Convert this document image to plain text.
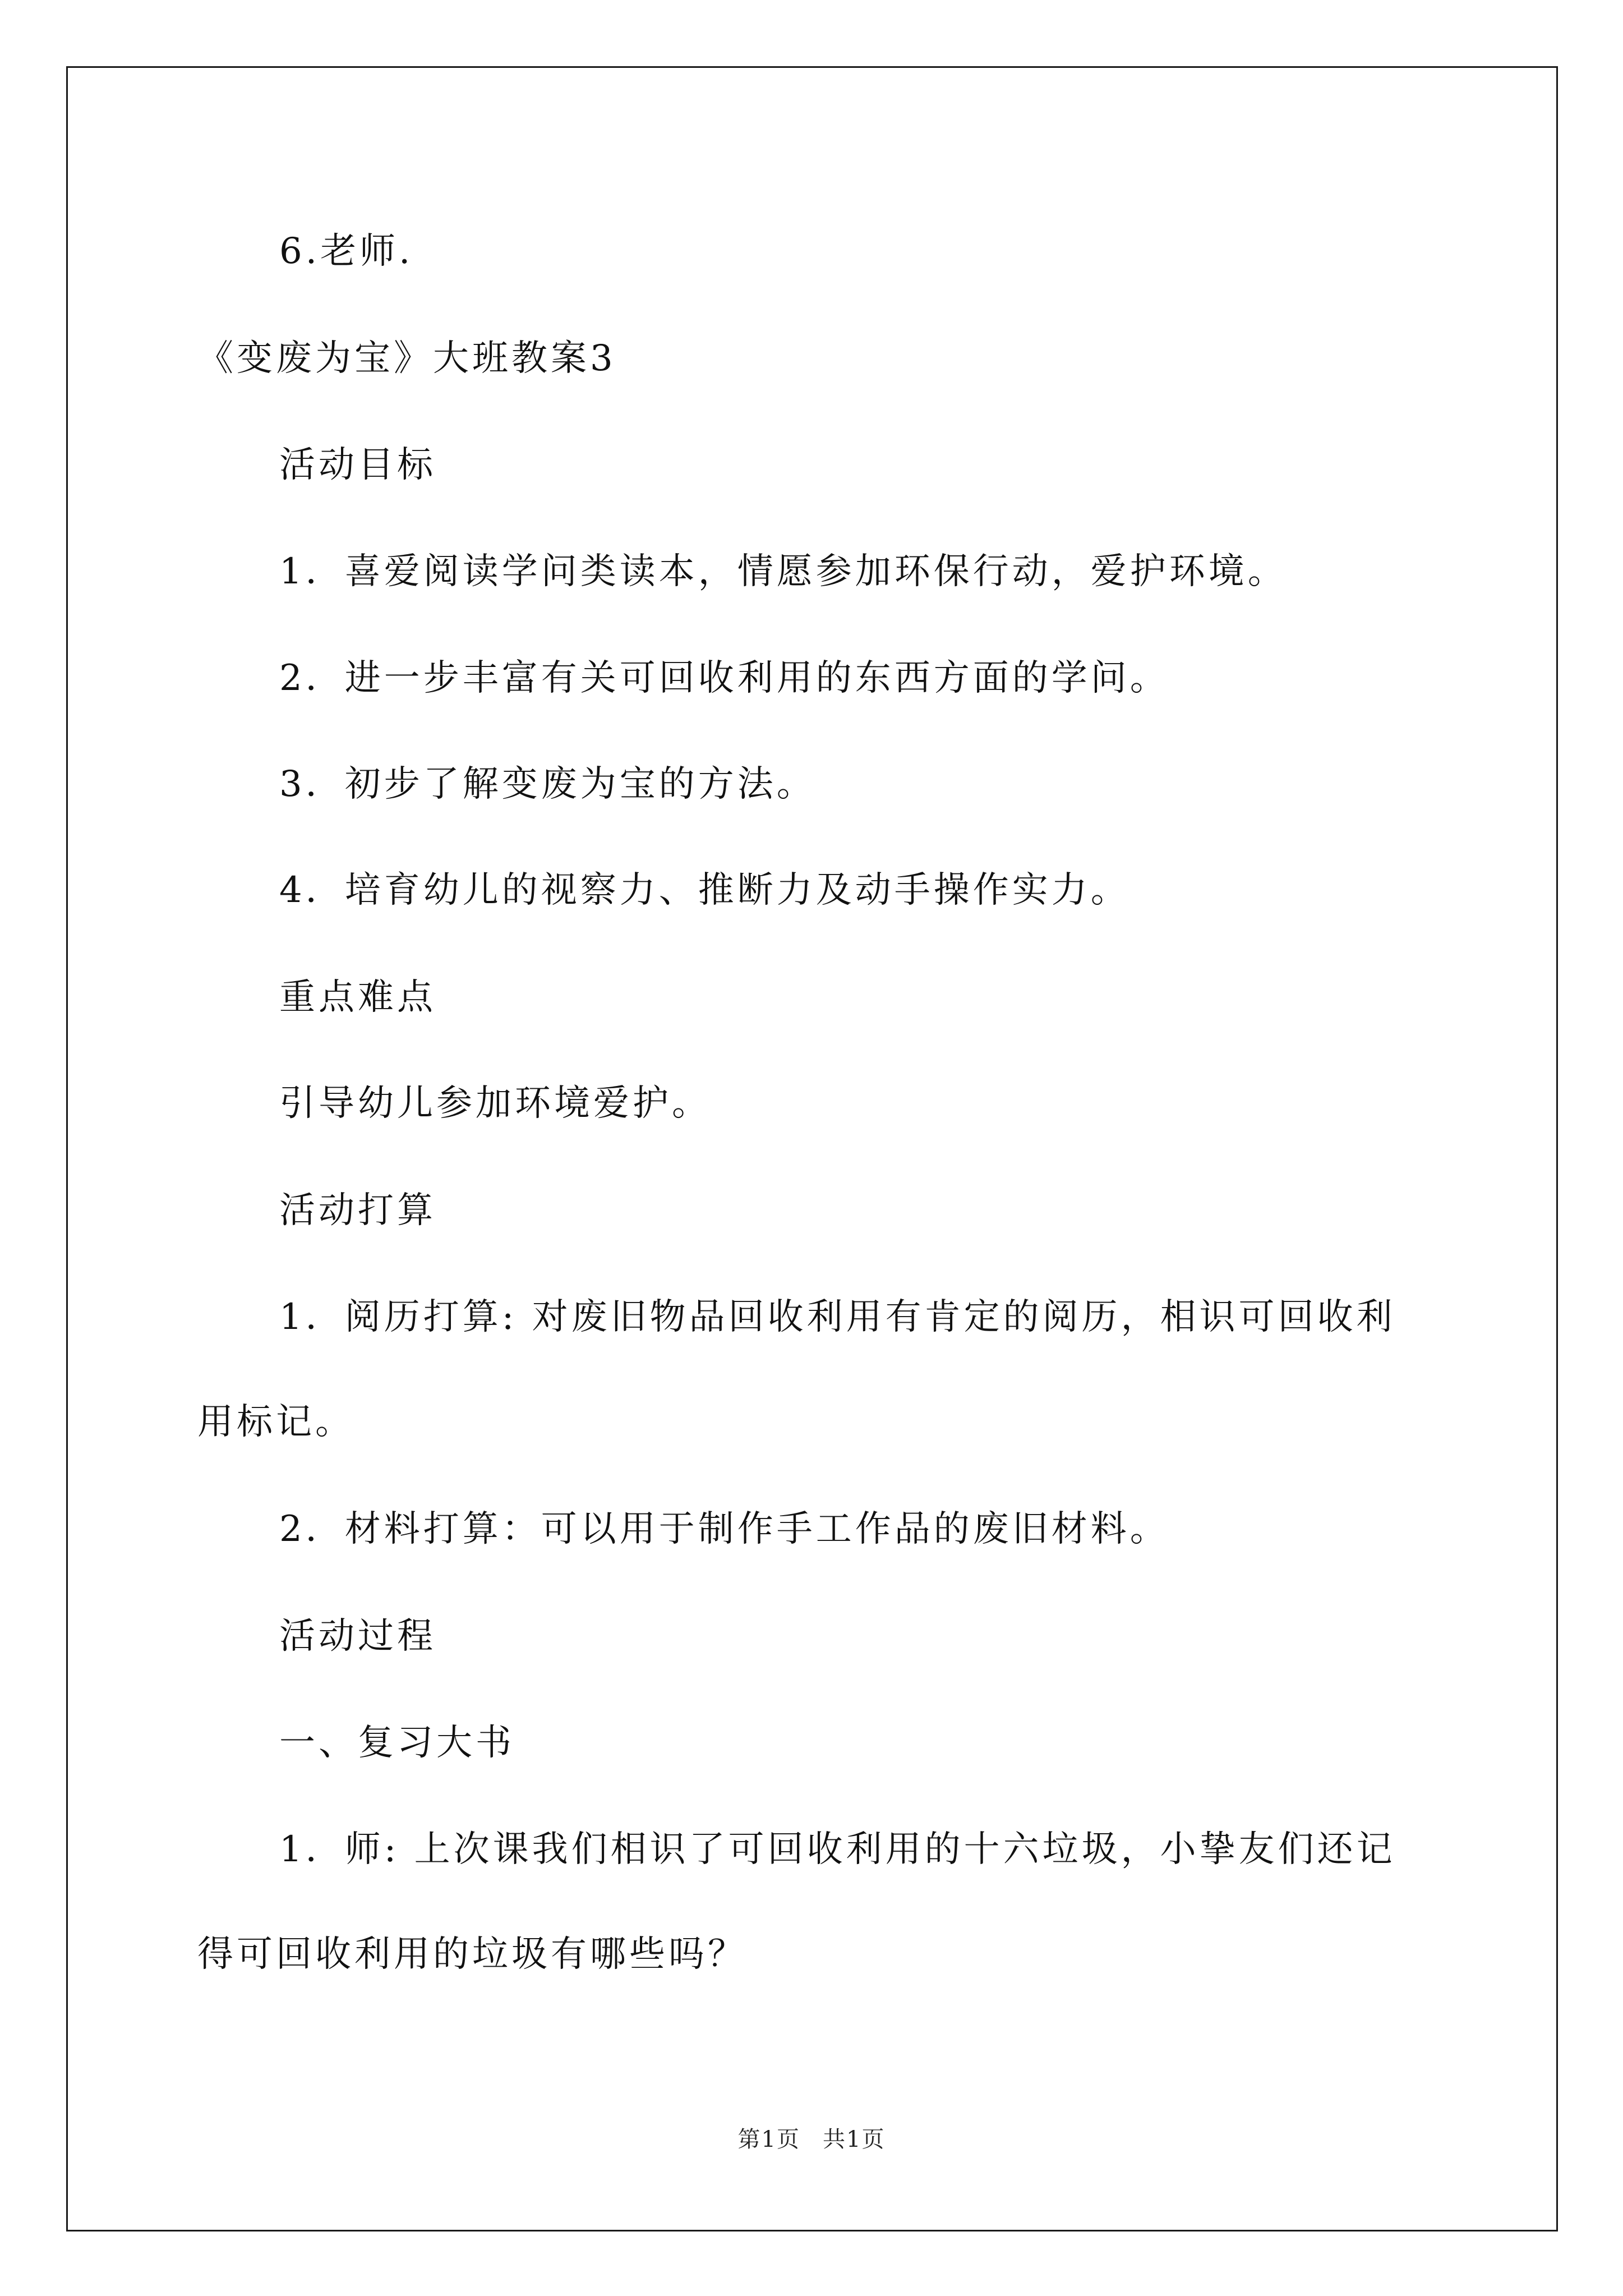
6.老师.
《变废为宝》大班教案3
活动目标
1．喜爱阅读学问类读本，情愿参加环保行动，爱护环境。
2．进一步丰富有关可回收利用的东西方面的学问。
3．初步了解变废为宝的方法。
4．培育幼儿的视察力、推断力及动手操作实力。
重点难点
引导幼儿参加环境爱护。
活动打算
1．阅历打算: 对废旧物品回收利用有肯定的阅历，相识可回收利
用标记。
2．材料打算：可以用于制作手工作品的废旧材料。
活动过程
一、复习大书
1．师: 上次课我们相识了可回收利用的十六垃圾，小挚友们还记
得可回收利用的垃圾有哪些吗？
第1页 共1页
